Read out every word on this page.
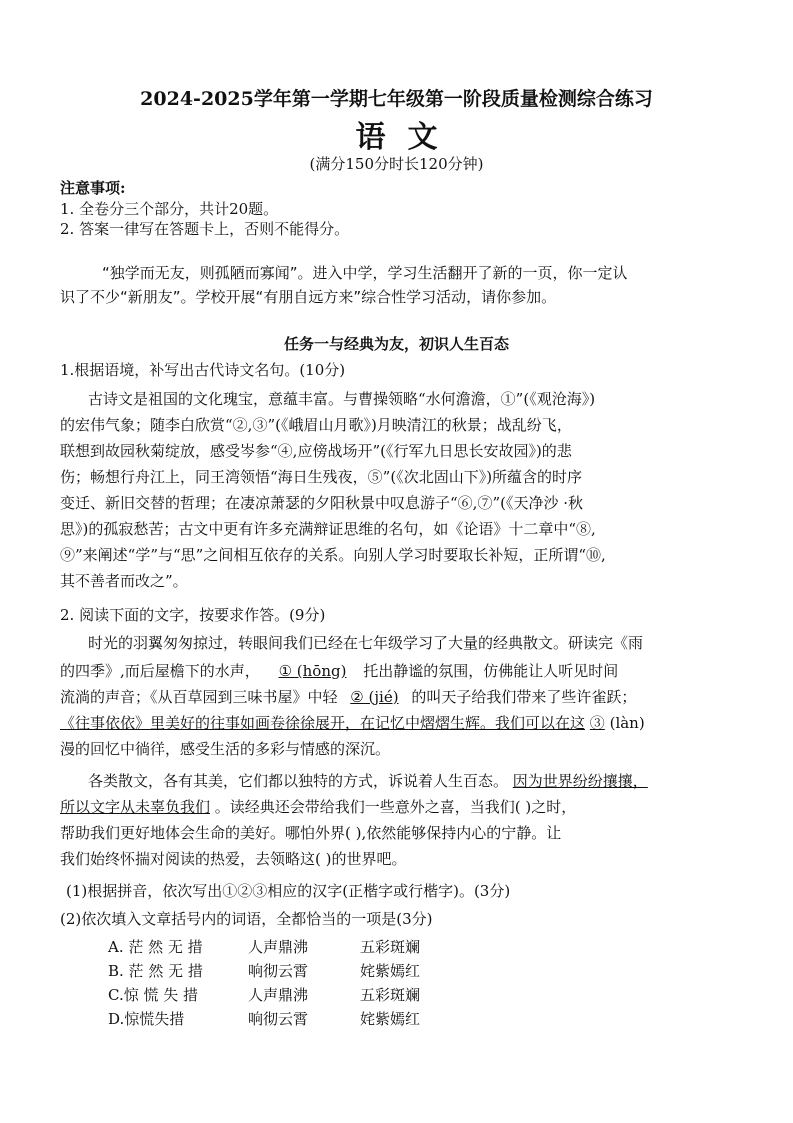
2024-2025学年第一学期七年级第一阶段质量检测综合练习
语文
(满分150分时长120分钟)
注意事项:
1. 全卷分三个部分，共计20题。
2. 答案一律写在答题卡上，否则不能得分。
“独学而无友，则孤陋而寡闻”。进入中学，学习生活翻开了新的一页，你一定认
识了不少“新朋友”。学校开展“有朋自远方来”综合性学习活动，请你参加。
任务一与经典为友，初识人生百态
1.根据语境，补写出古代诗文名句。(10分)
古诗文是祖国的文化瑰宝，意蕴丰富。与曹操领略“水何澹澹，①”(《观沧海》)
的宏伟气象；随李白欣赏“②,③”(《峨眉山月歌》)月映清江的秋景；战乱纷飞，
联想到故园秋菊绽放，感受岑参“④,应傍战场开”(《行军九日思长安故园》)的悲
伤；畅想行舟江上，同王湾领悟“海日生残夜，⑤”(《次北固山下》)所蕴含的时序
变迁、新旧交替的哲理；在凄凉萧瑟的夕阳秋景中叹息游子“⑥,⑦”(《天净沙 ·秋
思》)的孤寂愁苦；古文中更有许多充满辩证思维的名句，如《论语》十二章中“⑧,
⑨”来阐述“学”与“思”之间相互依存的关系。向别人学习时要取长补短，正所谓“⑩,
其不善者而改之”。
2. 阅读下面的文字，按要求作答。(9分)
时光的羽翼匆匆掠过，转眼间我们已经在七年级学习了大量的经典散文。研读完《雨
的四季》,而后屋檐下的水声， ① (hōng) 托出静谧的氛围，仿佛能让人听见时间
流淌的声音；《从百草园到三味书屋》中轻 ② (jié) 的叫天子给我们带来了些许雀跃；
《往事依依》里美好的往事如画卷徐徐展开，在记忆中熠熠生辉。我们可以在这 ③ (làn)
漫的回忆中徜徉，感受生活的多彩与情感的深沉。
各类散文，各有其美，它们都以独特的方式，诉说着人生百态。 因为世界纷纷攘攘，
所以文字从未辜负我们 。读经典还会带给我们一些意外之喜，当我们( )之时，
帮助我们更好地体会生命的美好。哪怕外界( ),依然能够保持内心的宁静。让
我们始终怀揣对阅读的热爱，去领略这( )的世界吧。
(1)根据拼音，依次写出①②③相应的汉字(正楷字或行楷字)。(3分)
(2)依次填入文章括号内的词语，全都恰当的一项是(3分)
A. 茫 然 无 措	人声鼎沸	五彩斑斓
B. 茫 然 无 措	响彻云霄	姹紫嫣红
C.惊 慌 失 措	人声鼎沸	五彩斑斓
D.惊慌失措	响彻云霄	姹紫嫣红
